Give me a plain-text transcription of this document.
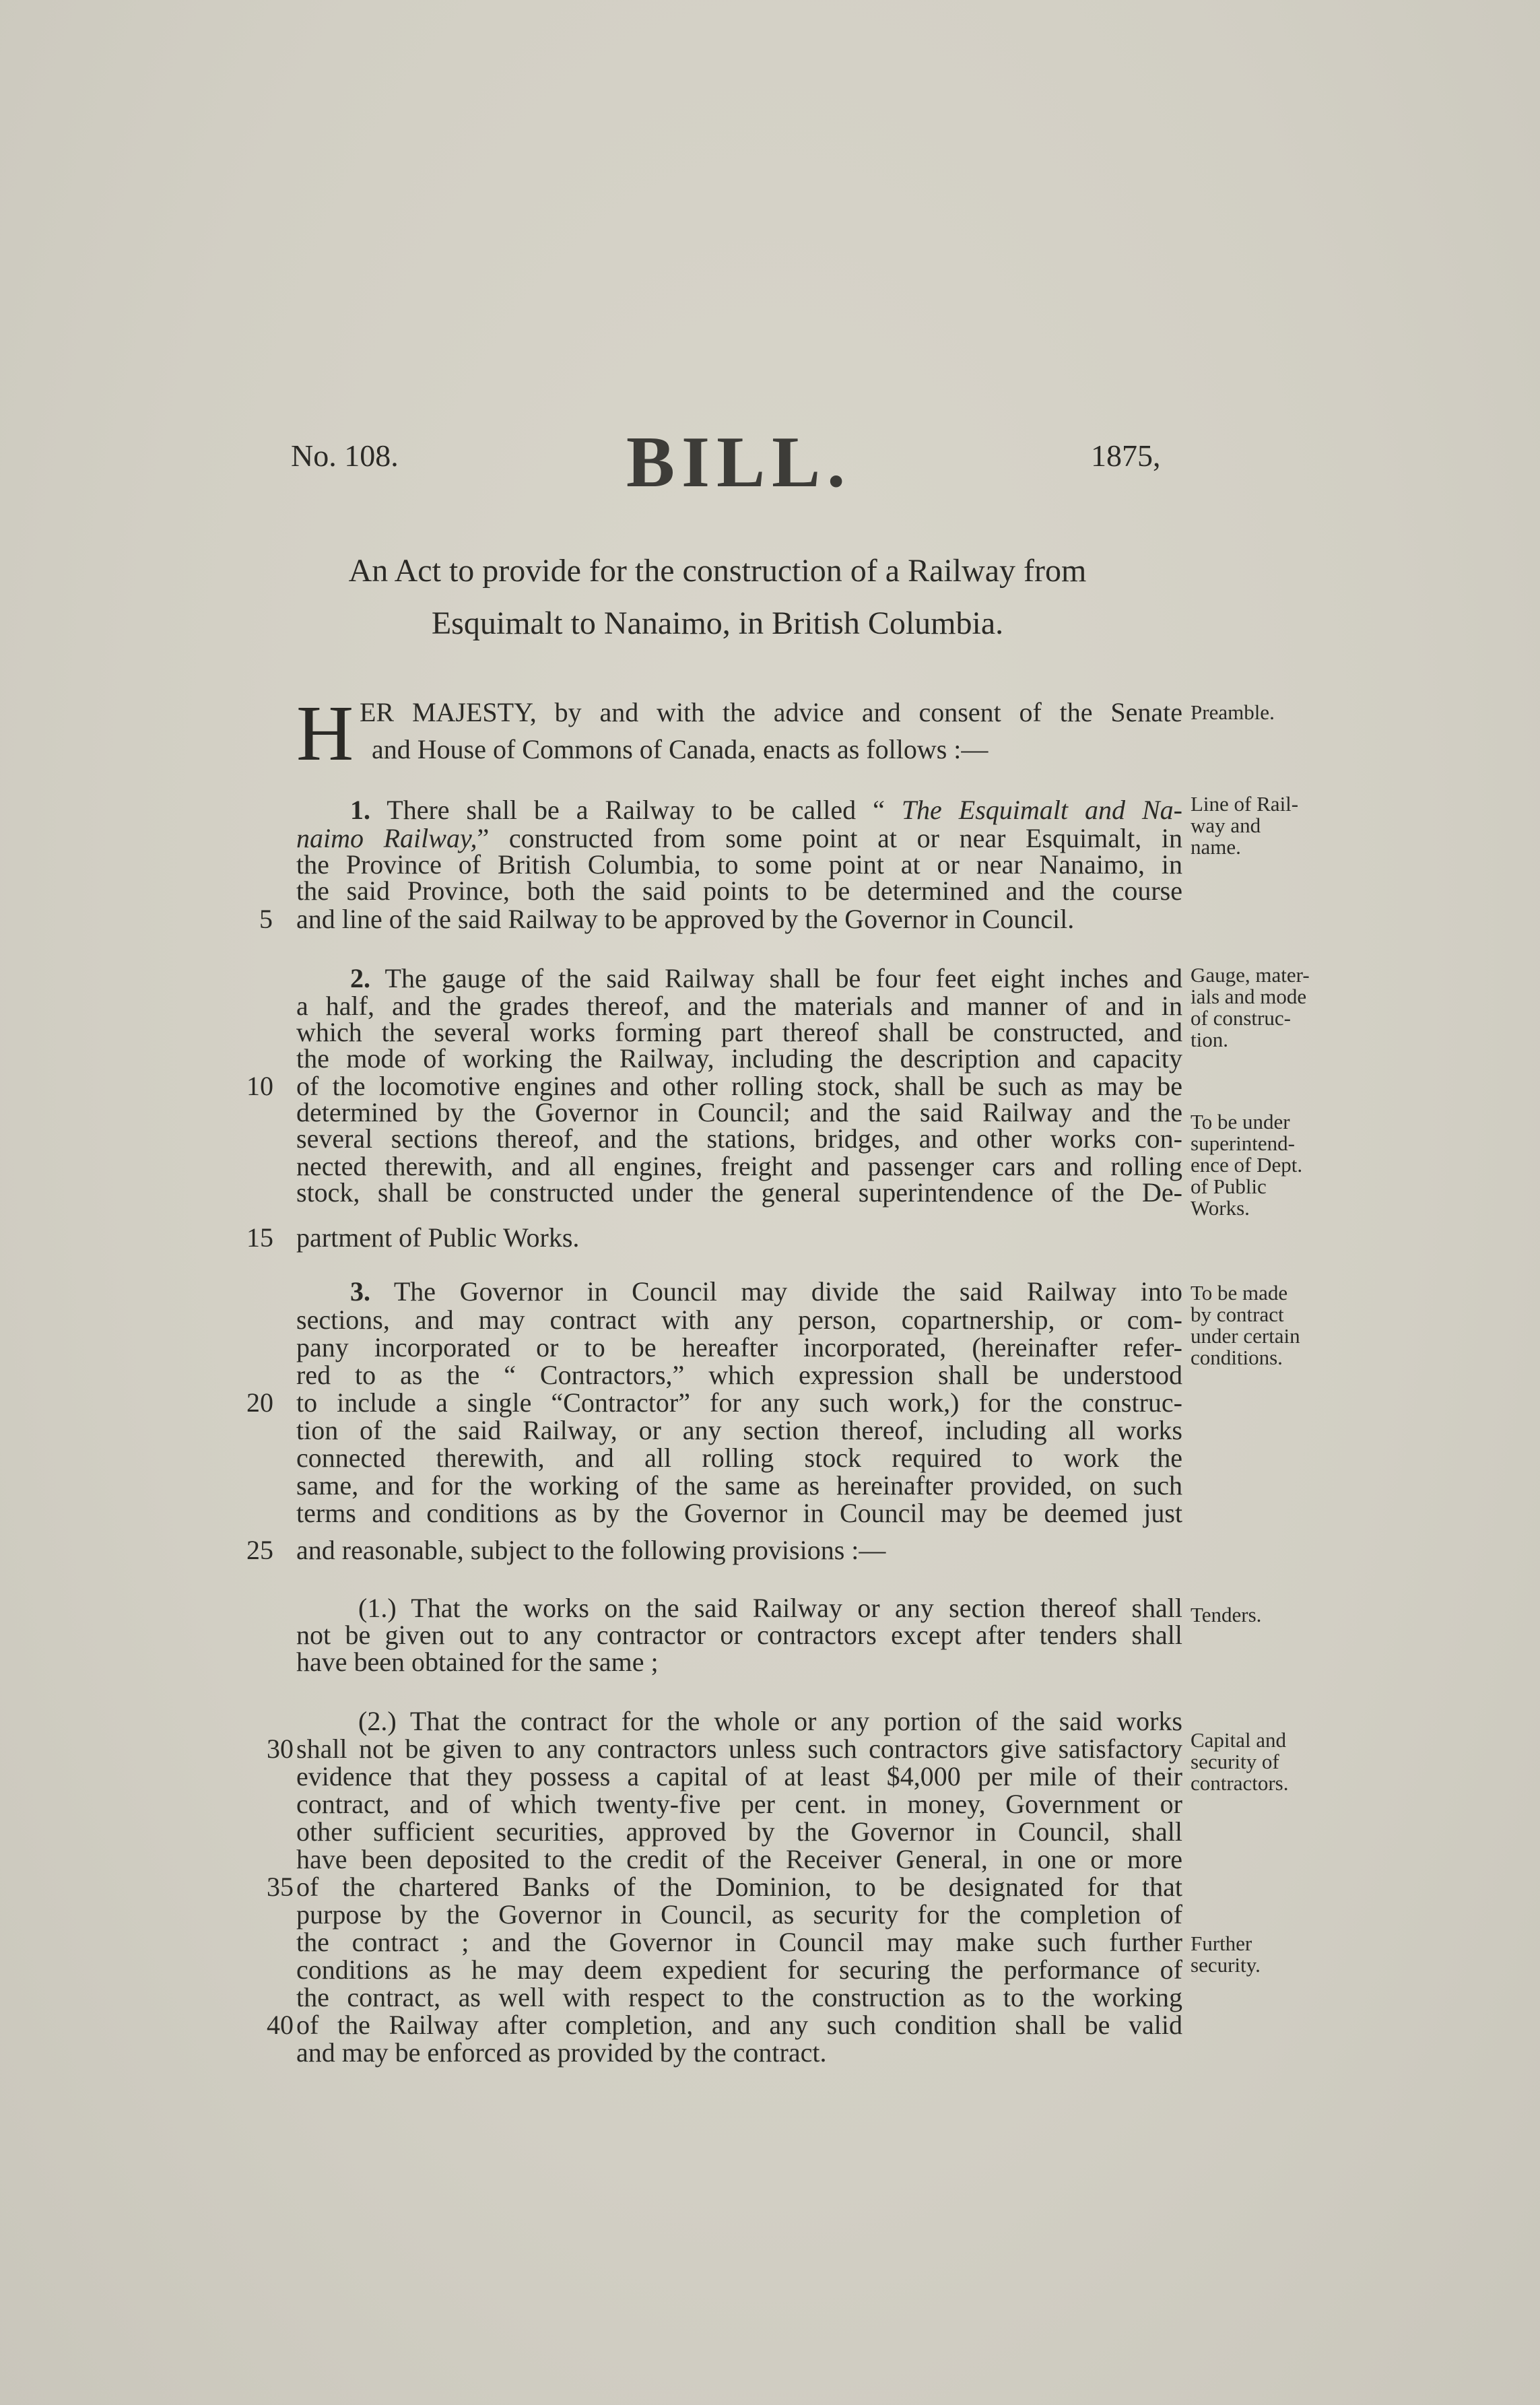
No. 108.	BILL.	1875,
An Act to provide for the construction of a Railway from
Esquimalt to Nanaimo, in British Columbia.
H ER MAJESTY, by and with the advice and consent of the Senate
and House of Commons of Canada, enacts as follows :—
Preamble.
1. There shall be a Railway to be called “ The Esquimalt and Na-
naimo Railway,” constructed from some point at or near Esquimalt, in
the Province of British Columbia, to some point at or near Nanaimo, in
the said Province, both the said points to be determined and the course
and line of the said Railway to be approved by the Governor in Council.
5
Line of Rail-
way and
name.
2. The gauge of the said Railway shall be four feet eight inches and
a half, and the grades thereof, and the materials and manner of and in
which the several works forming part thereof shall be constructed, and
the mode of working the Railway, including the description and capacity
of the locomotive engines and other rolling stock, shall be such as may be
determined by the Governor in Council; and the said Railway and the
several sections thereof, and the stations, bridges, and other works con-
nected therewith, and all engines, freight and passenger cars and rolling
stock, shall be constructed under the general superintendence of the De-
partment of Public Works.
10
15
Gauge, mater-
ials and mode
of construc-
tion.
To be under
superintend-
ence of Dept.
of Public
Works.
3. The Governor in Council may divide the said Railway into
sections, and may contract with any person, copartnership, or com-
pany incorporated or to be hereafter incorporated, (hereinafter refer-
red to as the “ Contractors,” which expression shall be understood
to include a single “Contractor” for any such work,) for the construc-
tion of the said Railway, or any section thereof, including all works
connected therewith, and all rolling stock required to work the
same, and for the working of the same as hereinafter provided, on such
terms and conditions as by the Governor in Council may be deemed just
and reasonable, subject to the following provisions :—
20
25
To be made
by contract
under certain
conditions.
(1.) That the works on the said Railway or any section thereof shall
not be given out to any contractor or contractors except after tenders shall
have been obtained for the same ;
Tenders.
(2.) That the contract for the whole or any portion of the said works
shall not be given to any contractors unless such contractors give satisfactory
evidence that they possess a capital of at least $4,000 per mile of their
contract, and of which twenty-five per cent. in money, Government or
other sufficient securities, approved by the Governor in Council, shall
have been deposited to the credit of the Receiver General, in one or more
of the chartered Banks of the Dominion, to be designated for that
purpose by the Governor in Council, as security for the completion of
the contract ; and the Governor in Council may make such further
conditions as he may deem expedient for securing the performance of
the contract, as well with respect to the construction as to the working
of the Railway after completion, and any such condition shall be valid
and may be enforced as provided by the contract.
30
35
40
Capital and
security of
contractors.
Further
security.
